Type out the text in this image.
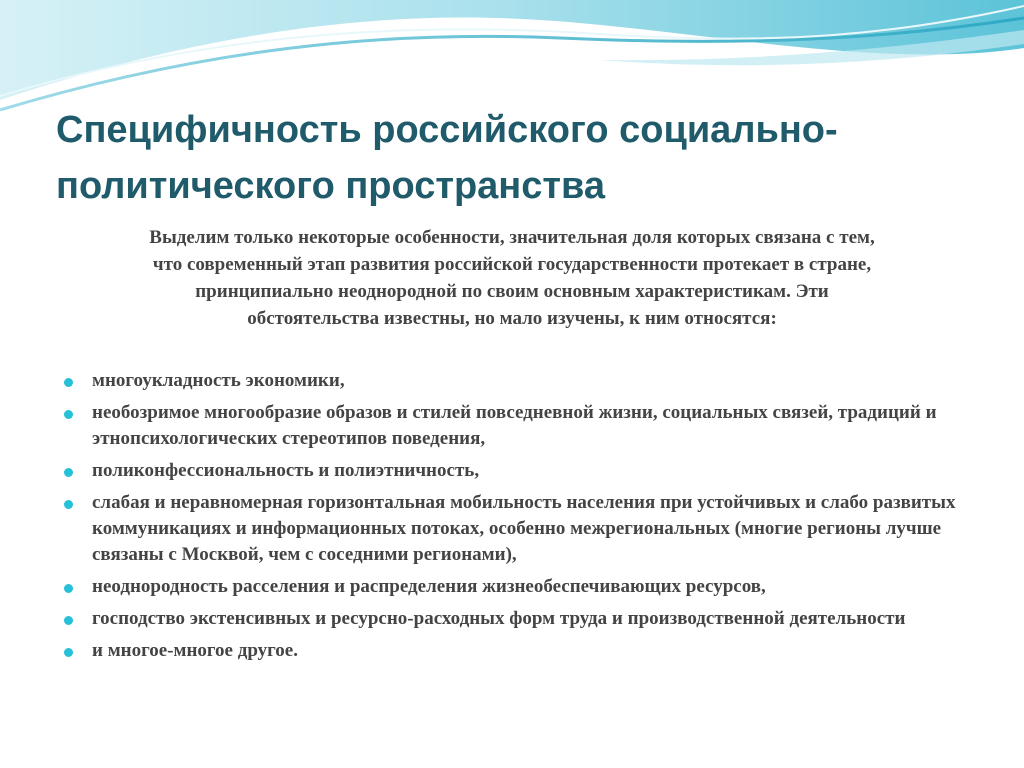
Специфичность российского социально-политического пространства

Выделим только некоторые особенности, значительная доля которых связана с тем,
что современный этап развития российской государственности протекает в стране,
принципиально неоднородной по своим основным характеристикам. Эти
обстоятельства известны, но мало изучены, к ним относятся:

многоукладность экономики,
необозримое многообразие образов и стилей повседневной жизни, социальных связей, традиций и этнопсихологических стереотипов поведения,
поликонфессиональность и полиэтничность,
слабая и неравномерная горизонтальная мобильность населения при устойчивых и слабо развитых коммуникациях и информационных потоках, особенно межрегиональных (многие регионы лучше связаны с Москвой, чем с соседними регионами),
неоднородность расселения и распределения жизнеобеспечивающих ресурсов,
господство экстенсивных и ресурсно-расходных форм труда и производственной деятельности
и многое-многое другое.
